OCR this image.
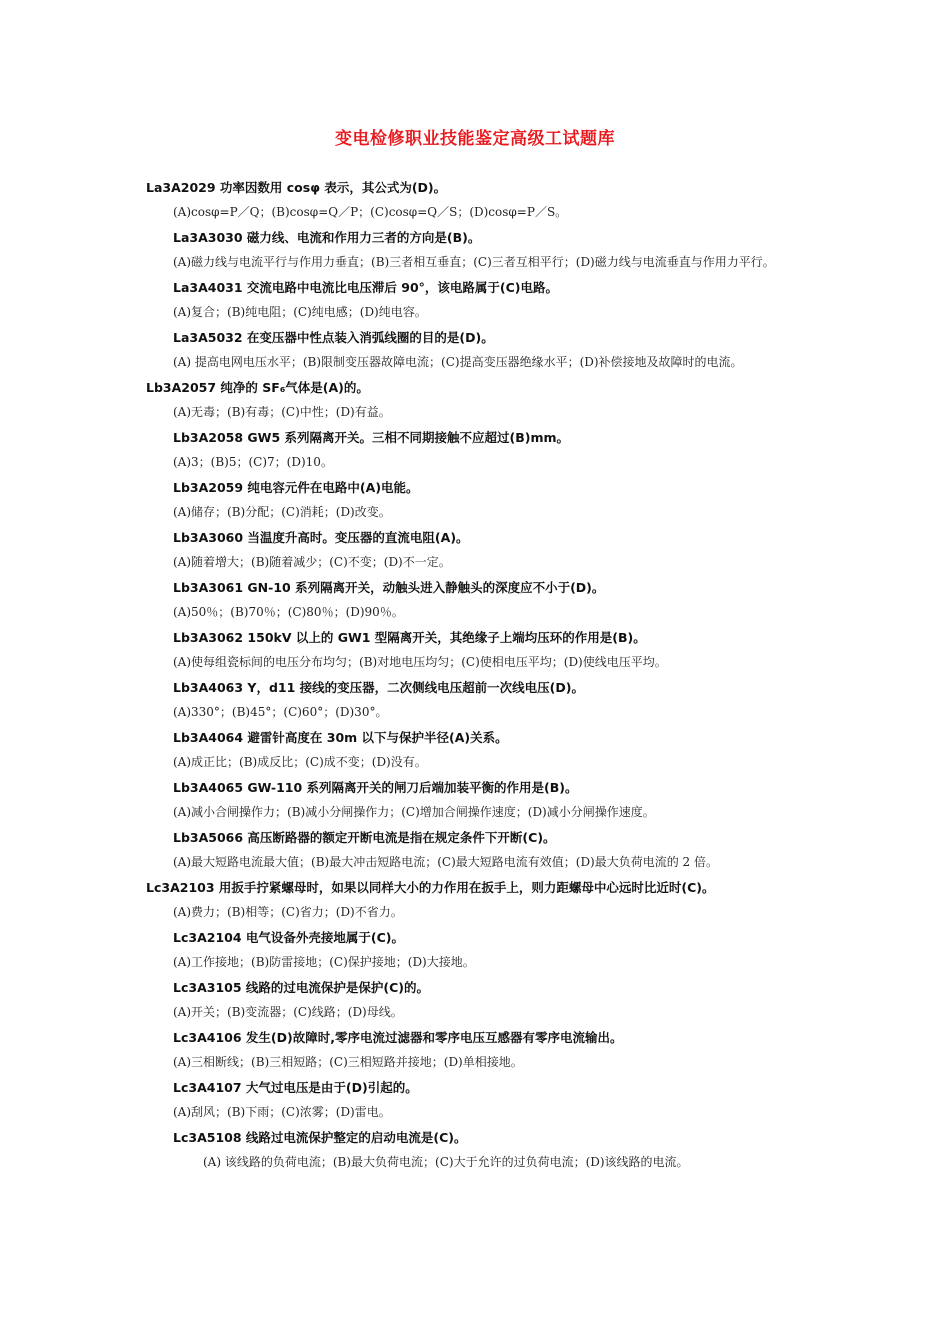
变电检修职业技能鉴定高级工试题库
La3A2029 功率因数用 cosφ 表示，其公式为(D)。
(A)cosφ=P／Q；(B)cosφ=Q／P；(C)cosφ=Q／S；(D)cosφ=P／S。
La3A3030 磁力线、电流和作用力三者的方向是(B)。
(A)磁力线与电流平行与作用力垂直；(B)三者相互垂直；(C)三者互相平行；(D)磁力线与电流垂直与作用力平行。
La3A4031 交流电路中电流比电压滞后 90°，该电路属于(C)电路。
(A)复合；(B)纯电阻；(C)纯电感；(D)纯电容。
La3A5032 在变压器中性点装入消弧线圈的目的是(D)。
(A) 提高电网电压水平；(B)限制变压器故障电流；(C)提高变压器绝缘水平；(D)补偿接地及故障时的电流。
Lb3A2057 纯净的 SF₆气体是(A)的。
(A)无毒；(B)有毒；(C)中性；(D)有益。
Lb3A2058 GW5 系列隔离开关。三相不同期接触不应超过(B)mm。
(A)3；(B)5；(C)7；(D)10。
Lb3A2059 纯电容元件在电路中(A)电能。
(A)储存；(B)分配；(C)消耗；(D)改变。
Lb3A3060 当温度升高时。变压器的直流电阻(A)。
(A)随着增大；(B)随着减少；(C)不变；(D)不一定。
Lb3A3061 GN-10 系列隔离开关，动触头进入静触头的深度应不小于(D)。
(A)50％；(B)70％；(C)80％；(D)90％。
Lb3A3062 150kV 以上的 GW1 型隔离开关，其绝缘子上端均压环的作用是(B)。
(A)使每组瓷标间的电压分布均匀；(B)对地电压均匀；(C)使相电压平均；(D)使线电压平均。
Lb3A4063 Y，d11 接线的变压器，二次侧线电压超前一次线电压(D)。
(A)330°；(B)45°；(C)60°；(D)30°。
Lb3A4064 避雷针高度在 30m 以下与保护半径(A)关系。
(A)成正比；(B)成反比；(C)成不变；(D)没有。
Lb3A4065 GW-110 系列隔离开关的闸刀后端加装平衡的作用是(B)。
(A)减小合闸操作力；(B)减小分闸操作力；(C)增加合闸操作速度；(D)减小分闸操作速度。
Lb3A5066 高压断路器的额定开断电流是指在规定条件下开断(C)。
(A)最大短路电流最大值；(B)最大冲击短路电流；(C)最大短路电流有效值；(D)最大负荷电流的 2 倍。
Lc3A2103 用扳手拧紧螺母时，如果以同样大小的力作用在扳手上，则力距螺母中心远时比近时(C)。
(A)费力；(B)相等；(C)省力；(D)不省力。
Lc3A2104 电气设备外壳接地属于(C)。
(A)工作接地；(B)防雷接地；(C)保护接地；(D)大接地。
Lc3A3105 线路的过电流保护是保护(C)的。
(A)开关；(B)变流器；(C)线路；(D)母线。
Lc3A4106 发生(D)故障时,零序电流过滤器和零序电压互感器有零序电流输出。
(A)三相断线；(B)三相短路；(C)三相短路并接地；(D)单相接地。
Lc3A4107 大气过电压是由于(D)引起的。
(A)刮风；(B)下雨；(C)浓雾；(D)雷电。
Lc3A5108 线路过电流保护整定的启动电流是(C)。
(A) 该线路的负荷电流；(B)最大负荷电流；(C)大于允许的过负荷电流；(D)该线路的电流。
